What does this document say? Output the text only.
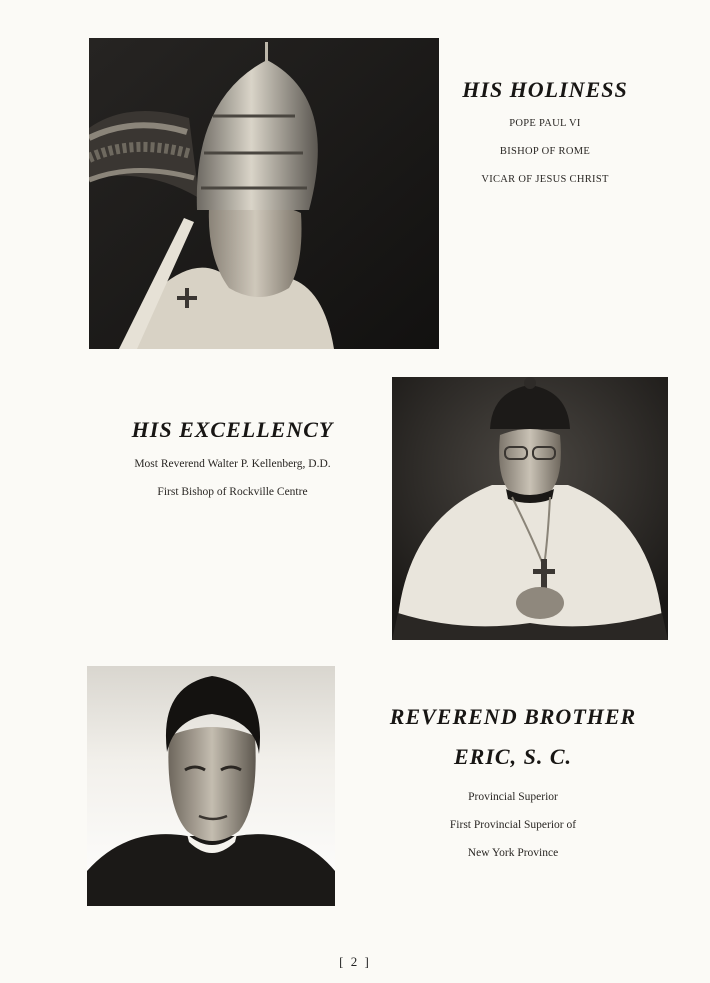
HIS HOLINESS
POPE PAUL VI
BISHOP OF ROME
VICAR OF JESUS CHRIST
HIS EXCELLENCY
Most Reverend Walter P. Kellenberg, D.D.
First Bishop of Rockville Centre
REVEREND BROTHER
ERIC, S. C.
Provincial Superior
First Provincial Superior of
New York Province
[ 2 ]
